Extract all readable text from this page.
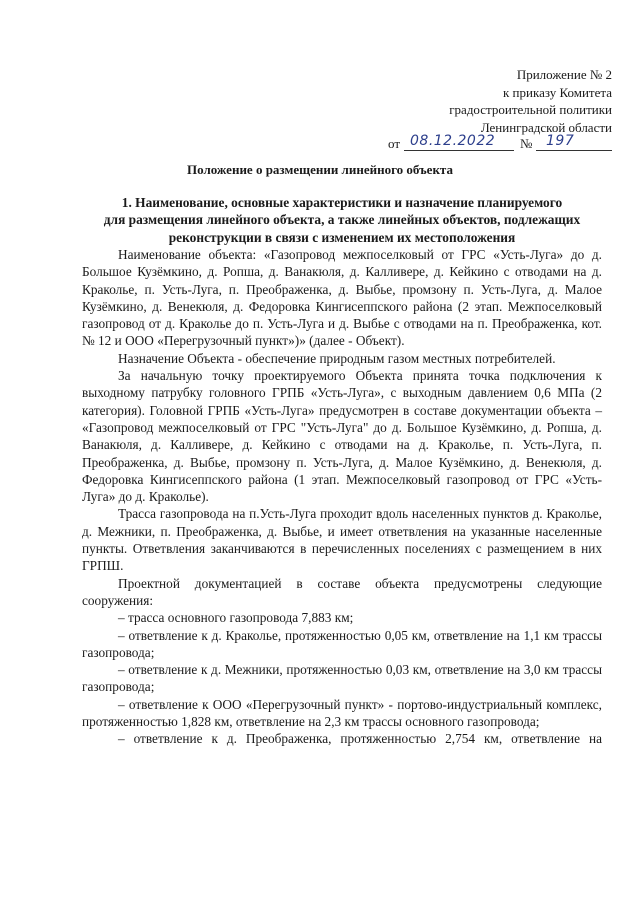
Приложение № 2
к приказу Комитета
градостроительной политики
Ленинградской области
от 08.12.2022 № 197
Положение о размещении линейного объекта
1. Наименование, основные характеристики и назначение планируемого
для размещения линейного объекта, а также линейных объектов, подлежащих
реконструкции в связи с изменением их местоположения

Наименование объекта: «Газопровод межпоселковый от ГРС «Усть-Луга» до д. Большое Кузёмкино, д. Ропша, д. Ванакюля, д. Калливере, д. Кейкино с отводами на д. Краколье, п. Усть-Луга, п. Преображенка, д. Выбье, промзону п. Усть-Луга, д. Малое Кузёмкино, д. Венекюля, д. Федоровка Кингисеппского района (2 этап. Межпоселковый газопровод от д. Краколье до п. Усть-Луга и д. Выбье с отводами на п. Преображенка, кот. № 12 и ООО «Перегрузочный пункт»)» (далее - Объект).

Назначение Объекта - обеспечение природным газом местных потребителей.

За начальную точку проектируемого Объекта принята точка подключения к выходному патрубку головного ГРПБ «Усть-Луга», с выходным давлением 0,6 МПа (2 категория). Головной ГРПБ «Усть-Луга» предусмотрен в составе документации объекта – «Газопровод межпоселковый от ГРС "Усть-Луга" до д. Большое Кузёмкино, д. Ропша, д. Ванакюля, д. Калливере, д. Кейкино с отводами на д. Краколье, п. Усть-Луга, п. Преображенка, д. Выбье, промзону п. Усть-Луга, д. Малое Кузёмкино, д. Венекюля, д. Федоровка Кингисеппского района (1 этап. Межпоселковый газопровод от ГРС «Усть-Луга» до д. Краколье).

Трасса газопровода на п.Усть-Луга проходит вдоль населенных пунктов д. Краколье, д. Межники, п. Преображенка, д. Выбье, и имеет ответвления на указанные населенные пункты. Ответвления заканчиваются в перечисленных поселениях с размещением в них ГРПШ.

Проектной документацией в составе объекта предусмотрены следующие сооружения:

– трасса основного газопровода 7,883 км;

– ответвление к д. Краколье, протяженностью 0,05 км, ответвление на 1,1 км трассы газопровода;

– ответвление к д. Межники, протяженностью 0,03 км, ответвление на 3,0 км трассы газопровода;

– ответвление к ООО «Перегрузочный пункт» - портово-индустриальный комплекс, протяженностью 1,828 км, ответвление на 2,3 км трассы основного газопровода;

– ответвление к д. Преображенка, протяженностью 2,754 км, ответвление на
